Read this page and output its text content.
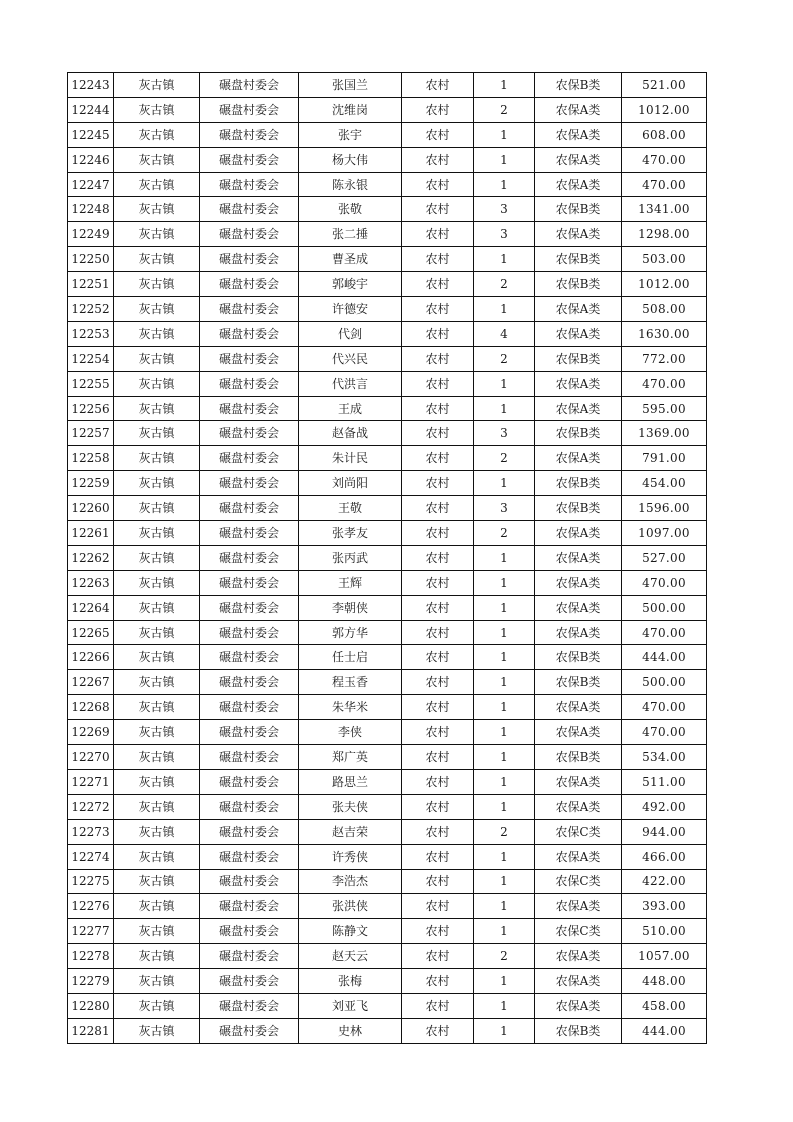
12243	灰古镇	碾盘村委会	张国兰	农村	1	农保B类	521.00
12244	灰古镇	碾盘村委会	沈维岗	农村	2	农保A类	1012.00
12245	灰古镇	碾盘村委会	张宇	农村	1	农保A类	608.00
12246	灰古镇	碾盘村委会	杨大伟	农村	1	农保A类	470.00
12247	灰古镇	碾盘村委会	陈永银	农村	1	农保A类	470.00
12248	灰古镇	碾盘村委会	张敬	农村	3	农保B类	1341.00
12249	灰古镇	碾盘村委会	张二捶	农村	3	农保A类	1298.00
12250	灰古镇	碾盘村委会	曹圣成	农村	1	农保B类	503.00
12251	灰古镇	碾盘村委会	郭峻宇	农村	2	农保B类	1012.00
12252	灰古镇	碾盘村委会	许德安	农村	1	农保A类	508.00
12253	灰古镇	碾盘村委会	代剑	农村	4	农保A类	1630.00
12254	灰古镇	碾盘村委会	代兴民	农村	2	农保B类	772.00
12255	灰古镇	碾盘村委会	代洪言	农村	1	农保A类	470.00
12256	灰古镇	碾盘村委会	王成	农村	1	农保A类	595.00
12257	灰古镇	碾盘村委会	赵备战	农村	3	农保B类	1369.00
12258	灰古镇	碾盘村委会	朱计民	农村	2	农保A类	791.00
12259	灰古镇	碾盘村委会	刘尚阳	农村	1	农保B类	454.00
12260	灰古镇	碾盘村委会	王敬	农村	3	农保B类	1596.00
12261	灰古镇	碾盘村委会	张孝友	农村	2	农保A类	1097.00
12262	灰古镇	碾盘村委会	张丙武	农村	1	农保A类	527.00
12263	灰古镇	碾盘村委会	王辉	农村	1	农保A类	470.00
12264	灰古镇	碾盘村委会	李朝侠	农村	1	农保A类	500.00
12265	灰古镇	碾盘村委会	郭方华	农村	1	农保A类	470.00
12266	灰古镇	碾盘村委会	任士启	农村	1	农保B类	444.00
12267	灰古镇	碾盘村委会	程玉香	农村	1	农保B类	500.00
12268	灰古镇	碾盘村委会	朱华米	农村	1	农保A类	470.00
12269	灰古镇	碾盘村委会	李侠	农村	1	农保A类	470.00
12270	灰古镇	碾盘村委会	郑广英	农村	1	农保B类	534.00
12271	灰古镇	碾盘村委会	路思兰	农村	1	农保A类	511.00
12272	灰古镇	碾盘村委会	张夫侠	农村	1	农保A类	492.00
12273	灰古镇	碾盘村委会	赵吉荣	农村	2	农保C类	944.00
12274	灰古镇	碾盘村委会	许秀侠	农村	1	农保A类	466.00
12275	灰古镇	碾盘村委会	李浩杰	农村	1	农保C类	422.00
12276	灰古镇	碾盘村委会	张洪侠	农村	1	农保A类	393.00
12277	灰古镇	碾盘村委会	陈静文	农村	1	农保C类	510.00
12278	灰古镇	碾盘村委会	赵天云	农村	2	农保A类	1057.00
12279	灰古镇	碾盘村委会	张梅	农村	1	农保A类	448.00
12280	灰古镇	碾盘村委会	刘亚飞	农村	1	农保A类	458.00
12281	灰古镇	碾盘村委会	史林	农村	1	农保B类	444.00
